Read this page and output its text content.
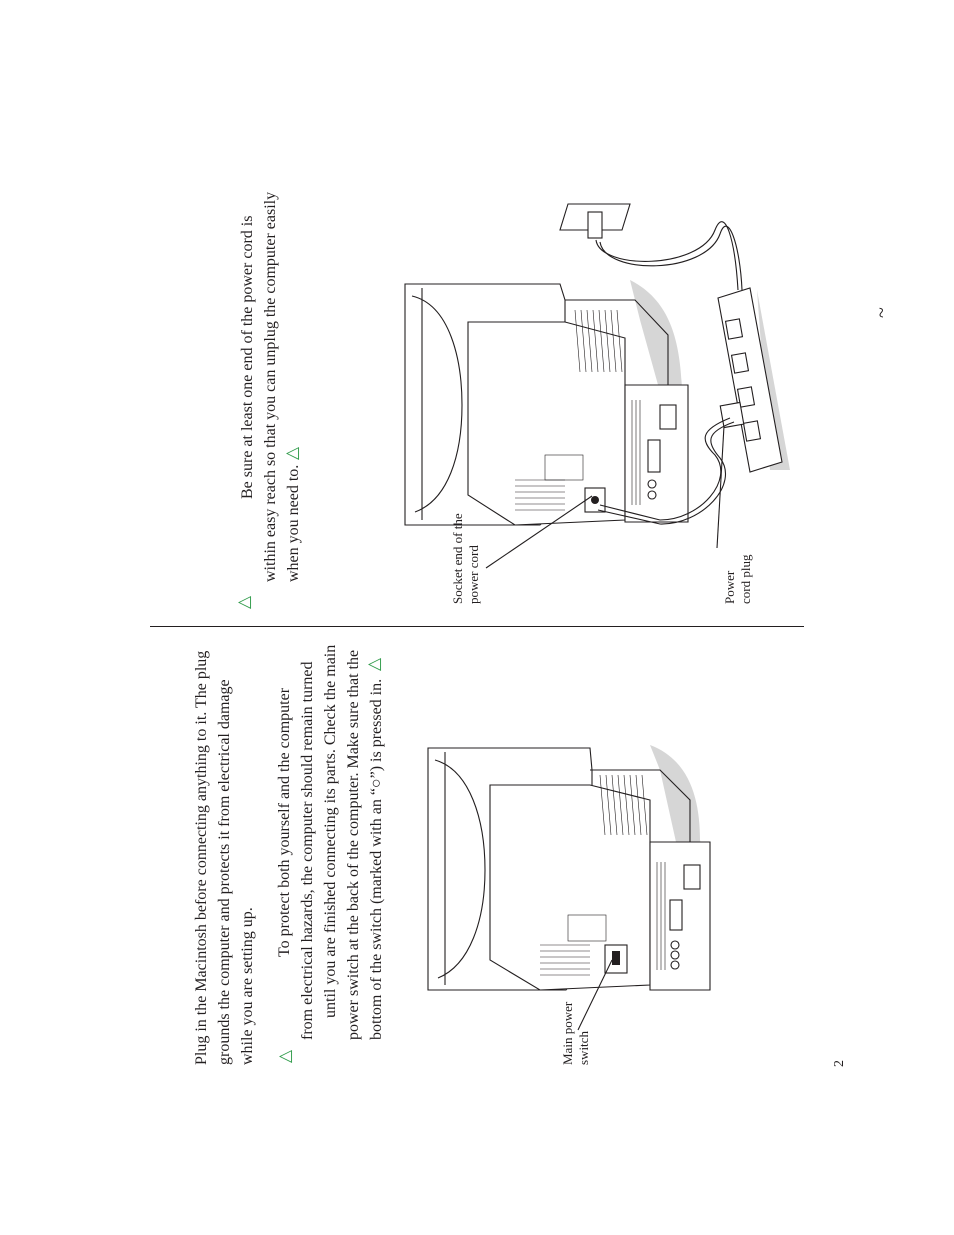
Plug in the Macintosh before connecting anything to it. The plug grounds the computer and protects it from electrical damage while you are setting up. △

To protect both yourself and the computer from electrical hazards, the computer should remain turned until you are finished connecting its parts. Check the main power switch at the back of the computer. Make sure that the bottom of the switch (marked with an “○”) is pressed in.

△

Main power switch

~
△

Be sure at least one end of the power cord is within easy reach so that you can unplug the computer easily when you need to.

△

Socket end of the power cord	Power cord plug

2
